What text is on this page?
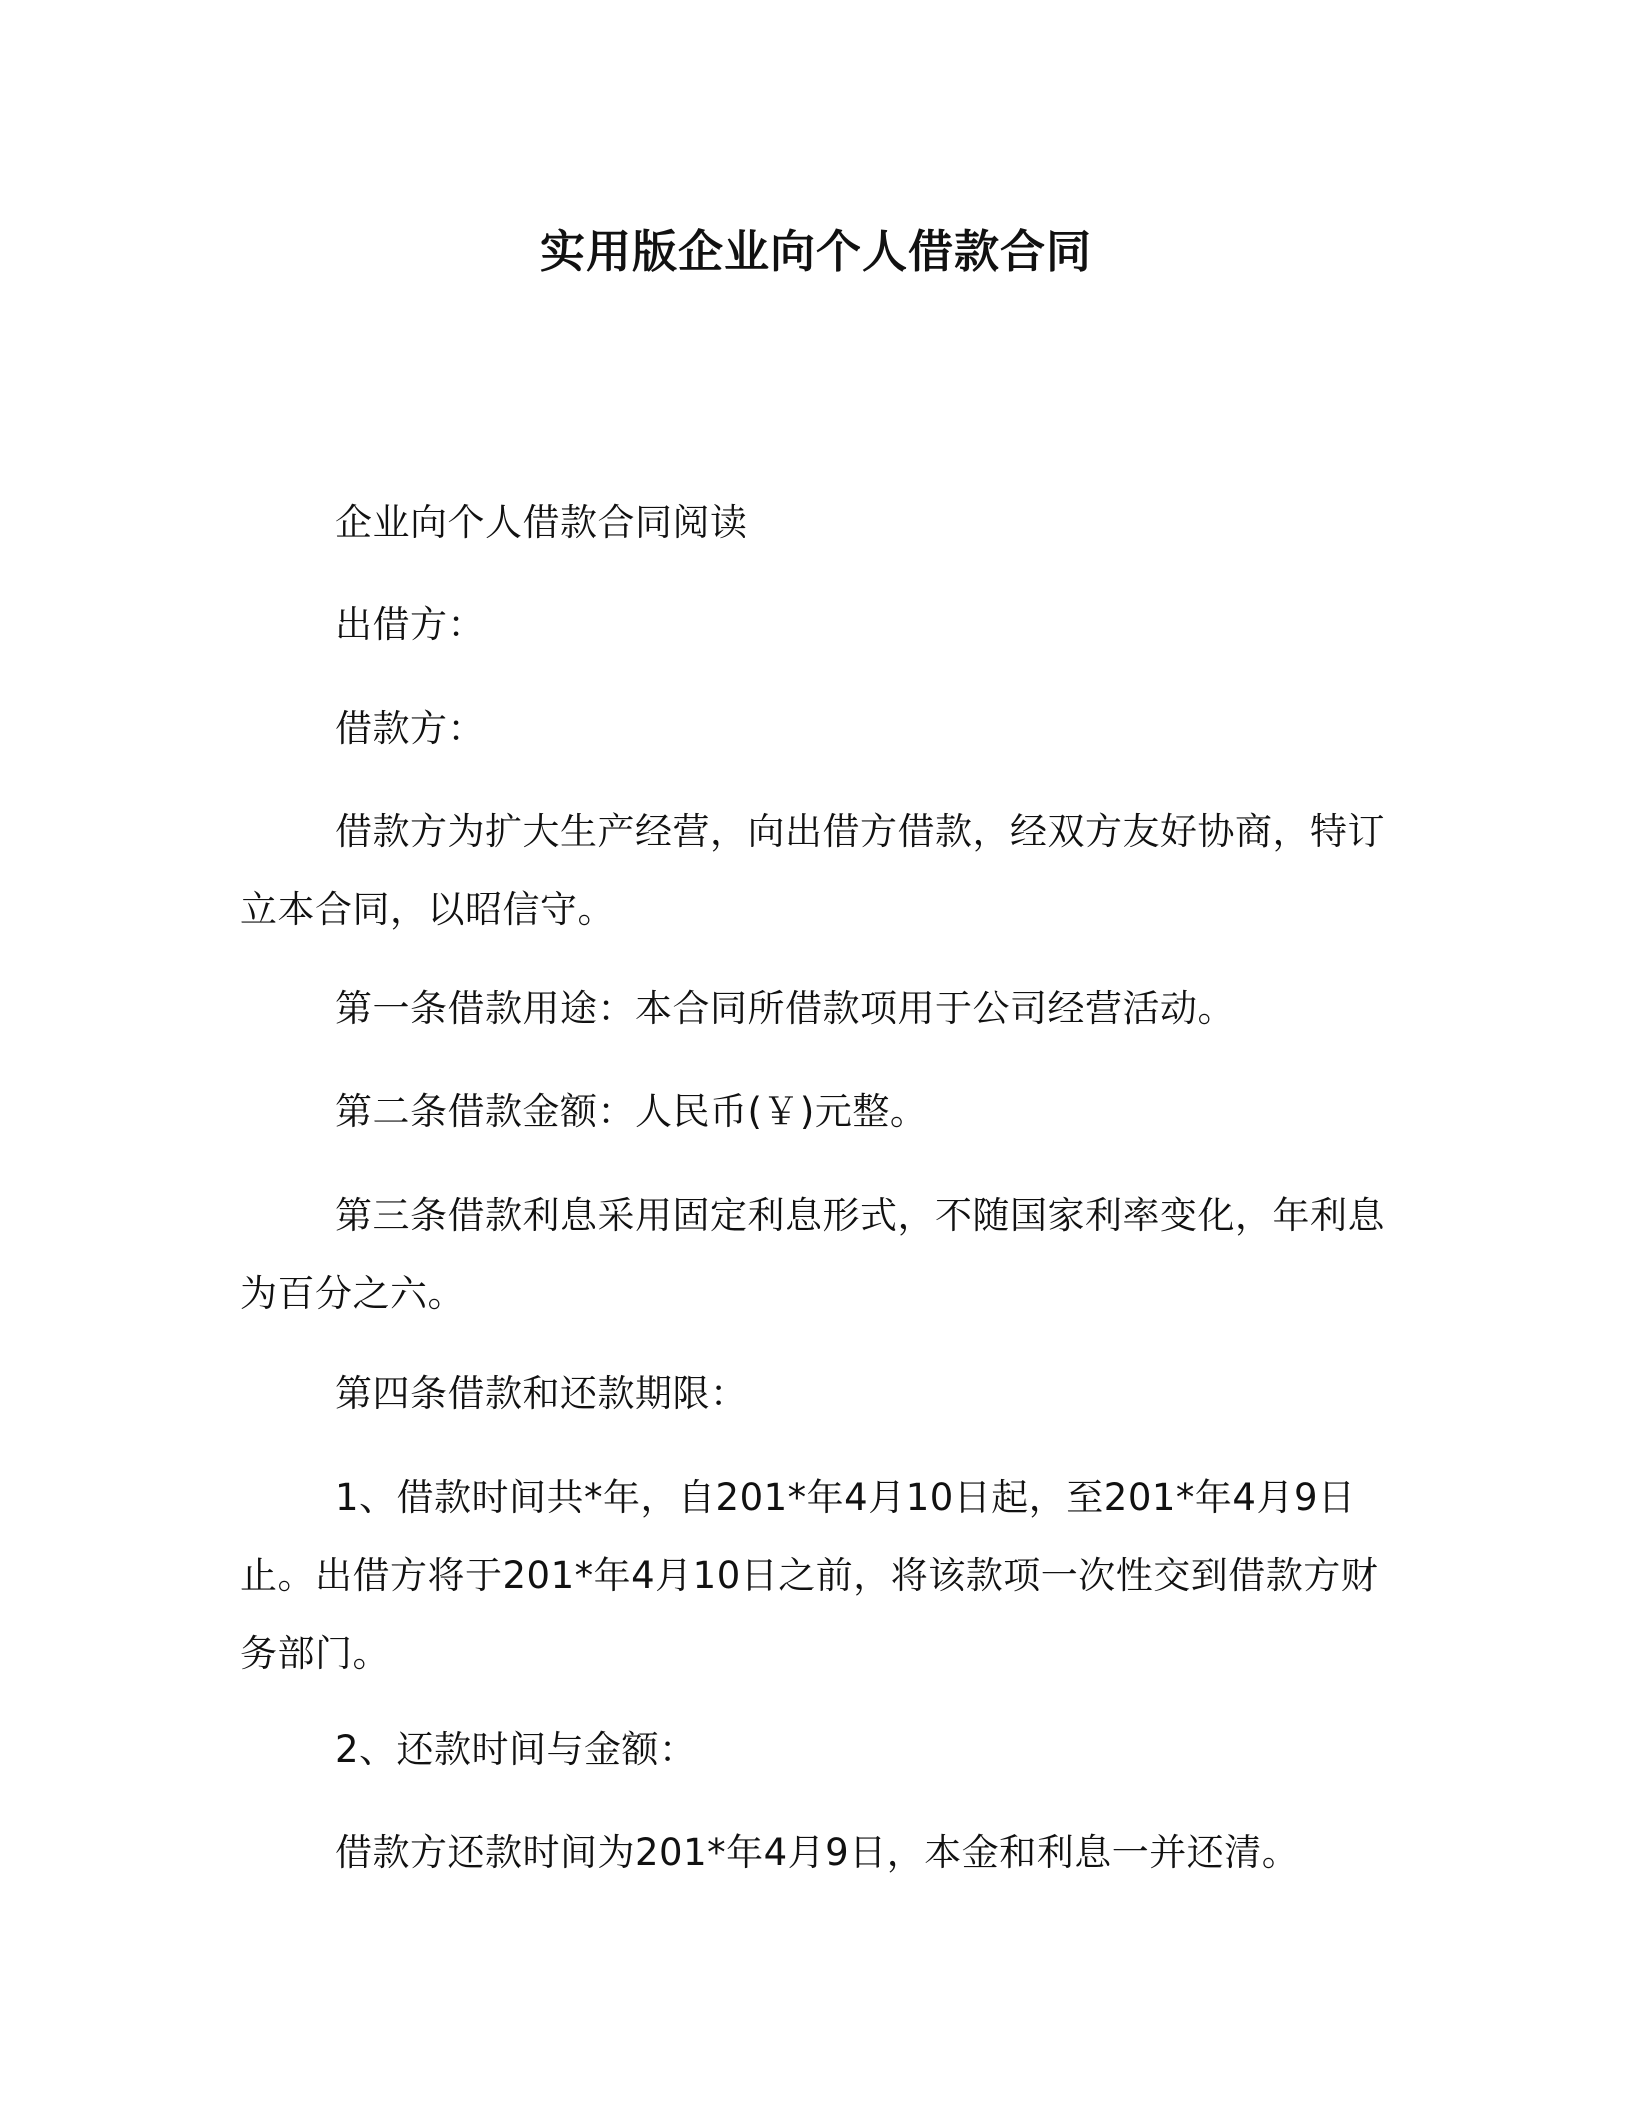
实用版企业向个人借款合同

企业向个人借款合同阅读

出借方：

借款方：

借款方为扩大生产经营，向出借方借款，经双方友好协商，特订立本合同，以昭信守。

第一条借款用途：本合同所借款项用于公司经营活动。

第二条借款金额：人民币(￥)元整。

第三条借款利息采用固定利息形式，不随国家利率变化，年利息为百分之六。

第四条借款和还款期限：

1、借款时间共*年，自201*年4月10日起，至201*年4月9日止。出借方将于201*年4月10日之前，将该款项一次性交到借款方财务部门。

2、还款时间与金额：

借款方还款时间为201*年4月9日，本金和利息一并还清。
